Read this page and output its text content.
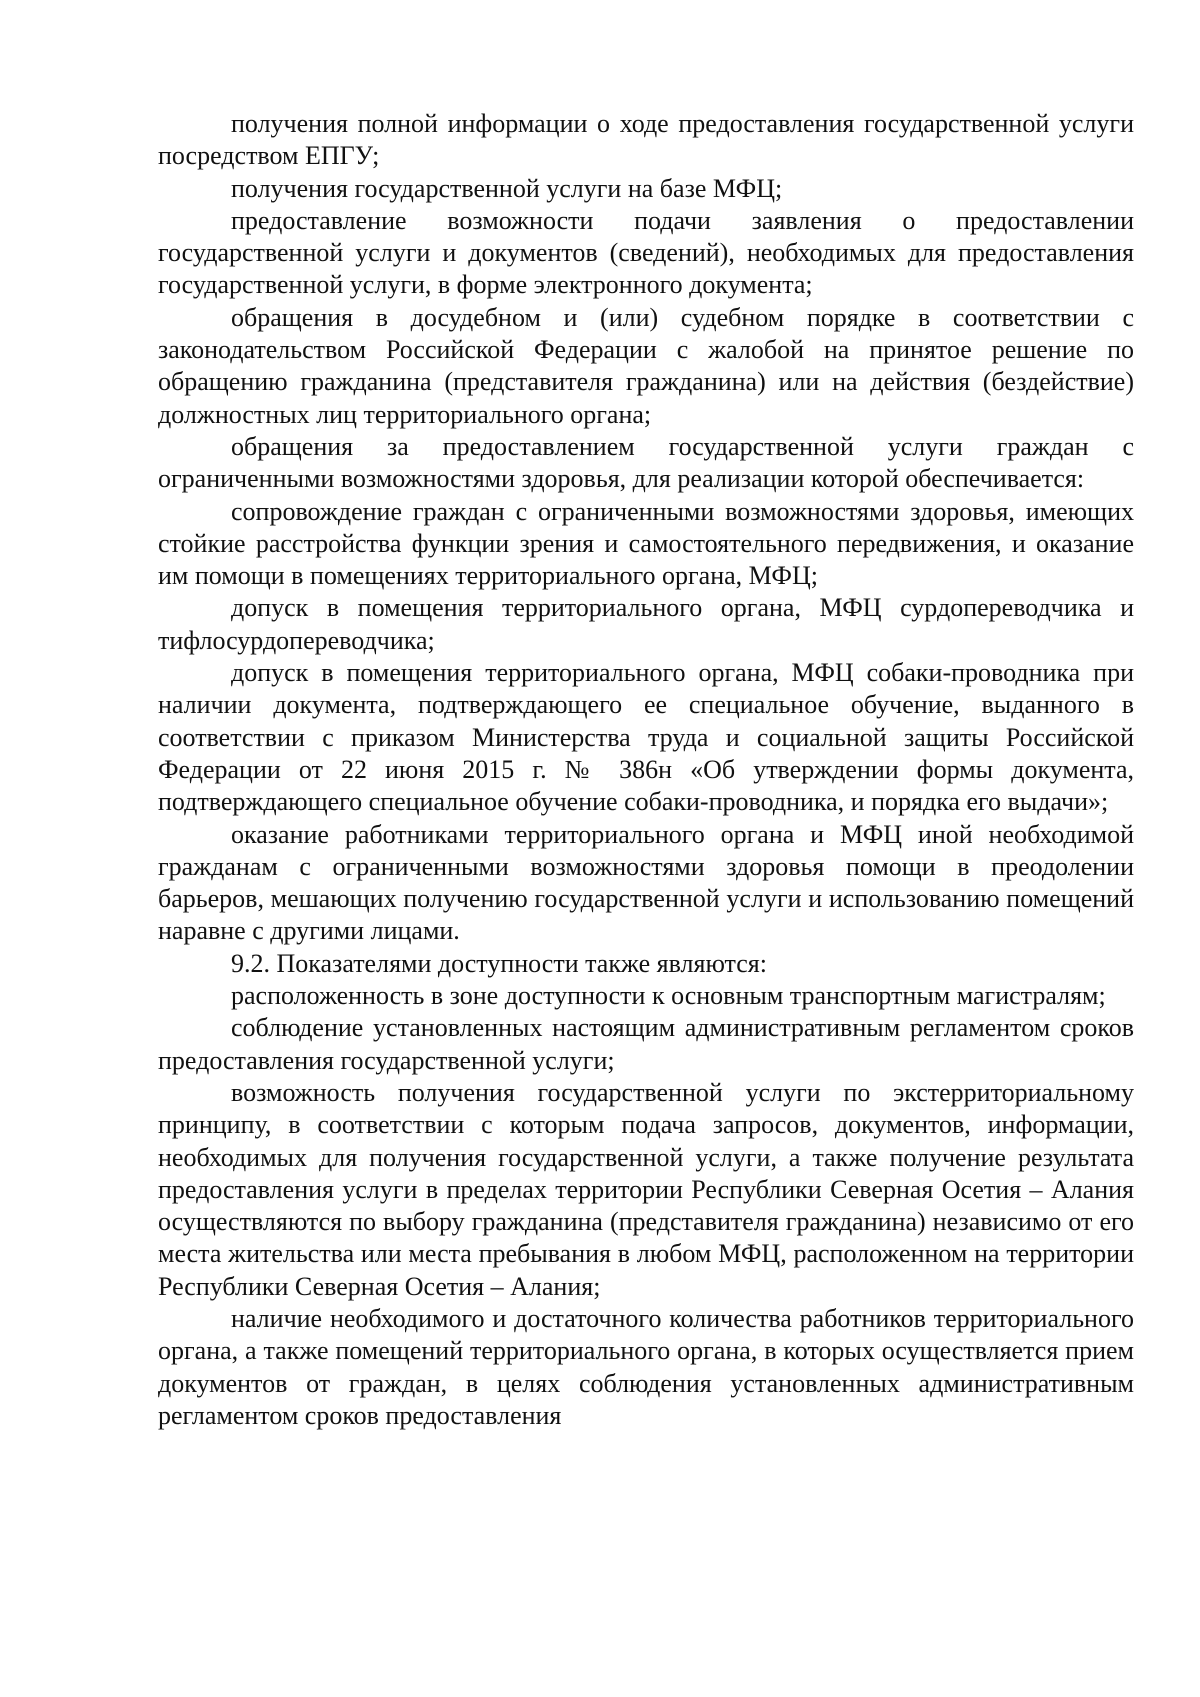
получения полной информации о ходе предоставления государственной услуги посредством ЕПГУ;

получения государственной услуги на базе МФЦ;

предоставление возможности подачи заявления о предоставлении государственной услуги и документов (сведений), необходимых для предоставления государственной услуги, в форме электронного документа;

обращения в досудебном и (или) судебном порядке в соответствии с законодательством Российской Федерации с жалобой на принятое решение по обращению гражданина (представителя гражданина) или на действия (бездействие) должностных лиц территориального органа;

обращения за предоставлением государственной услуги граждан с ограниченными возможностями здоровья, для реализации которой обеспечивается:

сопровождение граждан с ограниченными возможностями здоровья, имеющих стойкие расстройства функции зрения и самостоятельного передвижения, и оказание им помощи в помещениях территориального органа, МФЦ;

допуск в помещения территориального органа, МФЦ сурдопереводчика и тифлосурдопереводчика;

допуск в помещения территориального органа, МФЦ собаки-проводника при наличии документа, подтверждающего ее специальное обучение, выданного в соответствии с приказом Министерства труда и социальной защиты Российской Федерации от 22 июня 2015 г. № 386н «Об утверждении формы документа, подтверждающего специальное обучение собаки-проводника, и порядка его выдачи»;

оказание работниками территориального органа и МФЦ иной необходимой гражданам с ограниченными возможностями здоровья помощи в преодолении барьеров, мешающих получению государственной услуги и использованию помещений наравне с другими лицами.

9.2. Показателями доступности также являются:

расположенность в зоне доступности к основным транспортным магистралям;

соблюдение установленных настоящим административным регламентом сроков предоставления государственной услуги;

возможность получения государственной услуги по экстерриториальному принципу, в соответствии с которым подача запросов, документов, информации, необходимых для получения государственной услуги, а также получение результата предоставления услуги в пределах территории Республики Северная Осетия – Алания осуществляются по выбору гражданина (представителя гражданина) независимо от его места жительства или места пребывания в любом МФЦ, расположенном на территории Республики Северная Осетия – Алания;

наличие необходимого и достаточного количества работников территориального органа, а также помещений территориального органа, в которых осуществляется прием документов от граждан, в целях соблюдения установленных административным регламентом сроков предоставления
